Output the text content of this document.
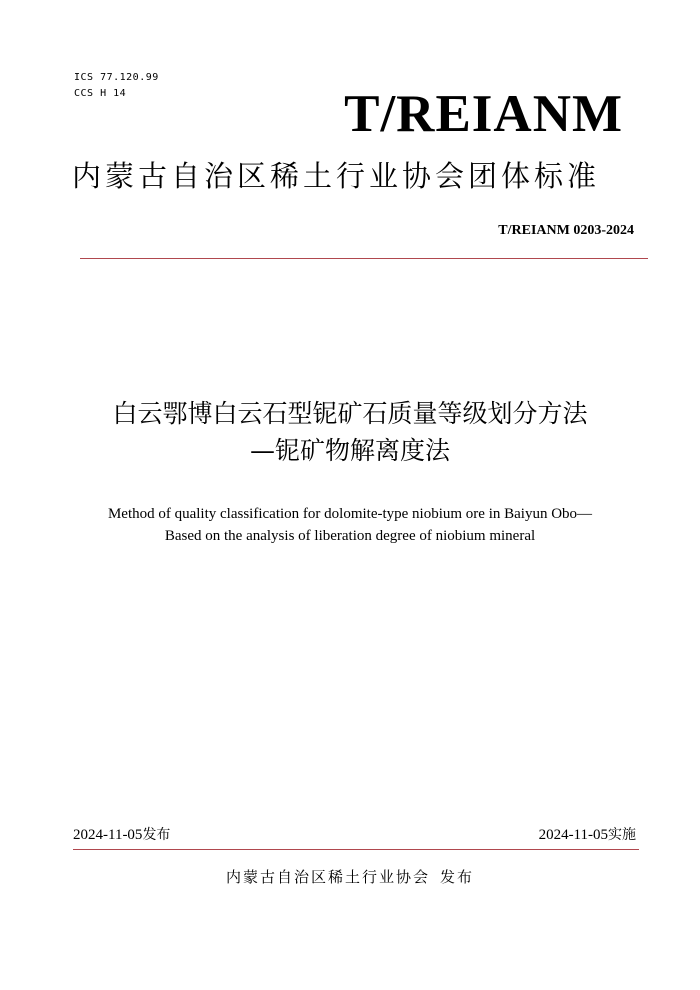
ICS 77.120.99
CCS H 14	T/REIANM
内蒙古自治区稀土行业协会团体标准
T/REIANM 0203-2024
白云鄂博白云石型铌矿石质量等级划分方法
—铌矿物解离度法
Method of quality classification for dolomite-type niobium ore in Baiyun Obo—
Based on the analysis of liberation degree of niobium mineral
2024-11-05发布	2024-11-05实施
内蒙古自治区稀土行业协会 发布
